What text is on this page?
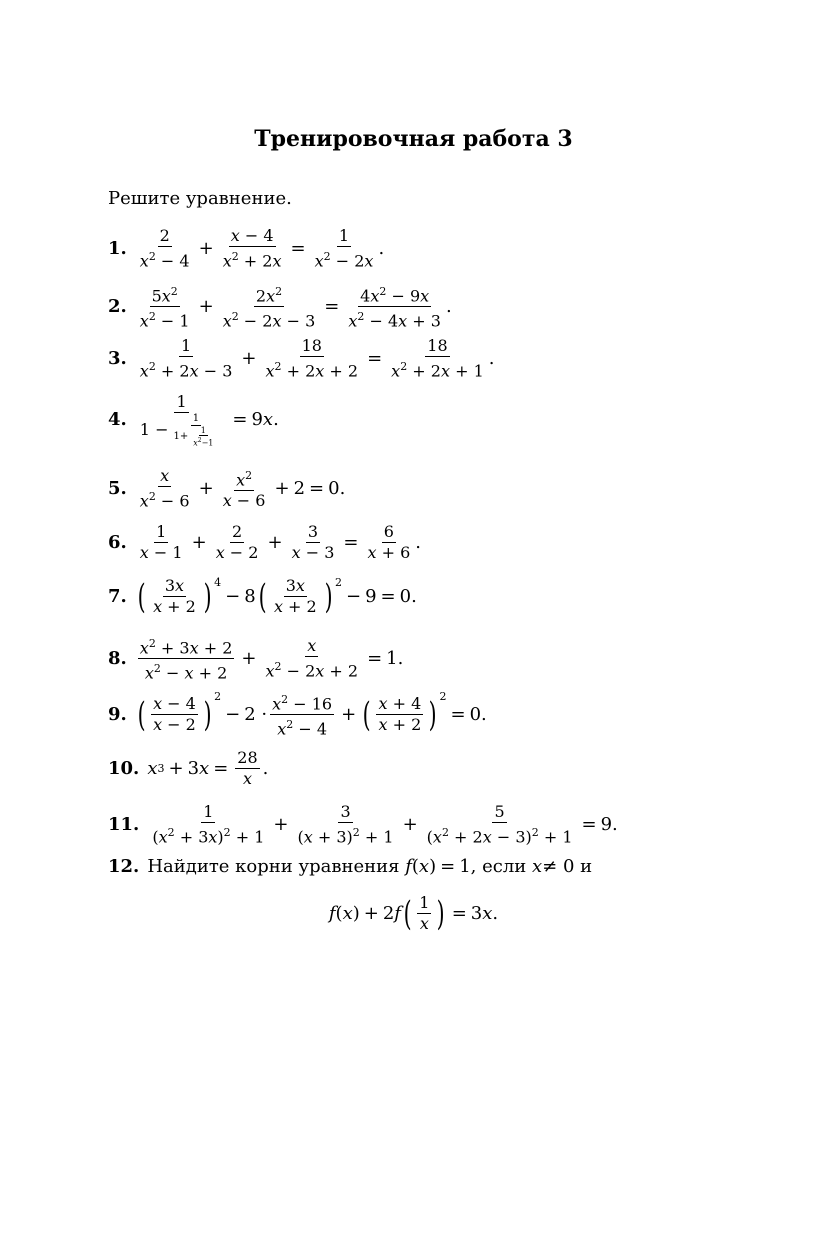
Тренировочная работа 3
Решите уравнение.
1. $\frac{2}{x^2 - 4} + \frac{x - 4}{x^2 + 2x} = \frac{1}{x^2 - 2x}$ .
2. $\frac{5x^2}{x^2 - 1} + \frac{2x^2}{x^2 - 2x - 3} = \frac{4x^2 - 9x}{x^2 - 4x + 3}$ .
3. $\frac{1}{x^2 + 2x - 3} + \frac{18}{x^2 + 2x + 2} = \frac{18}{x^2 + 2x + 1}$ .
4. $\frac{1}{1 - \frac{1}{1+ \frac{1}{x^2-1}}} = 9$ x .
5. $\frac{x}{x^2 - 6} + \frac{x^2}{x - 6} + 2 = 0$.
6. $\frac{1}{x - 1} + \frac{2}{x - 2} + \frac{3}{x - 3} = \frac{6}{x + 6}$ .
7. ( $\frac{3x}{x + 2} )^4$
− 8 ( $\frac{3x}{x + 2} )^2$
− 9 = 0.
8. $\frac{x^2 + 3x + 2}{x^2 - x + 2} + \frac{x}{x^2 - 2x + 2} = 1$.
9. ( $\frac{x - 4}{x - 2} )^2$
− $2 \cdot \frac{x^2 - 16}{x^2 - 4}$ + ( $\frac{x + 4}{x + 2} )^2$
= 0.
10. x 3 + 3 $x = \frac{28}{x}$ .
11. $\frac{1}{(x^2 + 3x)^2 + 1} + \frac{3}{(x + 3)^2 + 1} + \frac{5}{(x^2 + 2x - 3)^2 + 1} = 9$.
12. Найдите корни уравнения
f ( x ) = 1 , если
x ≠ 0 и
f ( x ) + 2 f ( $\frac{1}{x}$ ) = 3 x .
